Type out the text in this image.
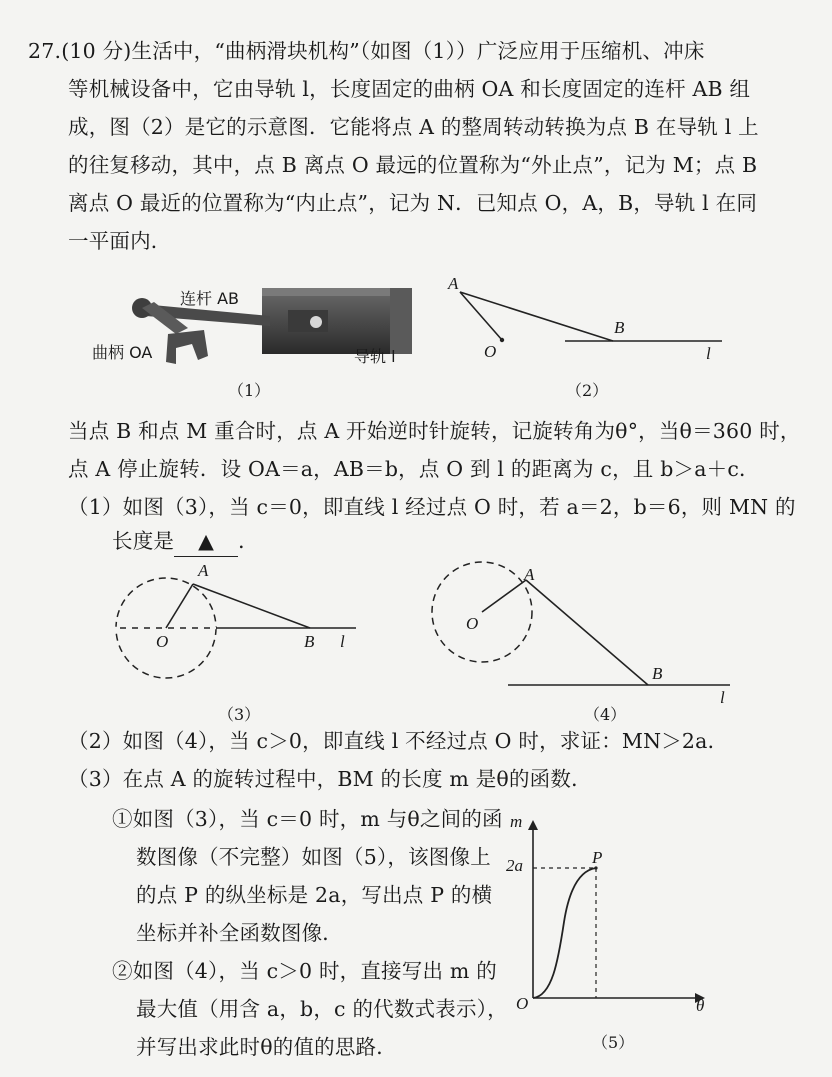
27.(10 分)生活中，“曲柄滑块机构”（如图（1））广泛应用于压缩机、冲床
等机械设备中，它由导轨 l，长度固定的曲柄 OA 和长度固定的连杆 AB 组
成，图（2）是它的示意图．它能将点 A 的整周转动转换为点 B 在导轨 l 上
的往复移动，其中，点 B 离点 O 最远的位置称为“外止点”，记为 M；点 B
离点 O 最近的位置称为“内止点”，记为 N．已知点 O，A，B，导轨 l 在同
一平面内．
连杆 AB
曲柄 OA	导轨 l
（1）
A
O
B
l
（2）
当点 B 和点 M 重合时，点 A 开始逆时针旋转，记旋转角为θ°，当θ＝360 时，
点 A 停止旋转．设 OA＝a，AB＝b，点 O 到 l 的距离为 c，且 b＞a＋c．
（1）如图（3），当 c＝0，即直线 l 经过点 O 时，若 a＝2，b＝6，则 MN 的
长度是 ▲ ．
A
O	B l
（3）
A
O
B
l
（4）
（2）如图（4），当 c＞0，即直线 l 不经过点 O 时，求证：MN＞2a．
（3）在点 A 的旋转过程中，BM 的长度 m 是θ的函数．
①如图（3），当 c＝0 时，m 与θ之间的函
数图像（不完整）如图（5），该图像上
的点 P 的纵坐标是 2a，写出点 P 的横
坐标并补全函数图像．
②如图（4），当 c＞0 时，直接写出 m 的
最大值（用含 a，b，c 的代数式表示），
并写出求此时θ的值的思路．
m
2a	P
O	θ
（5）
